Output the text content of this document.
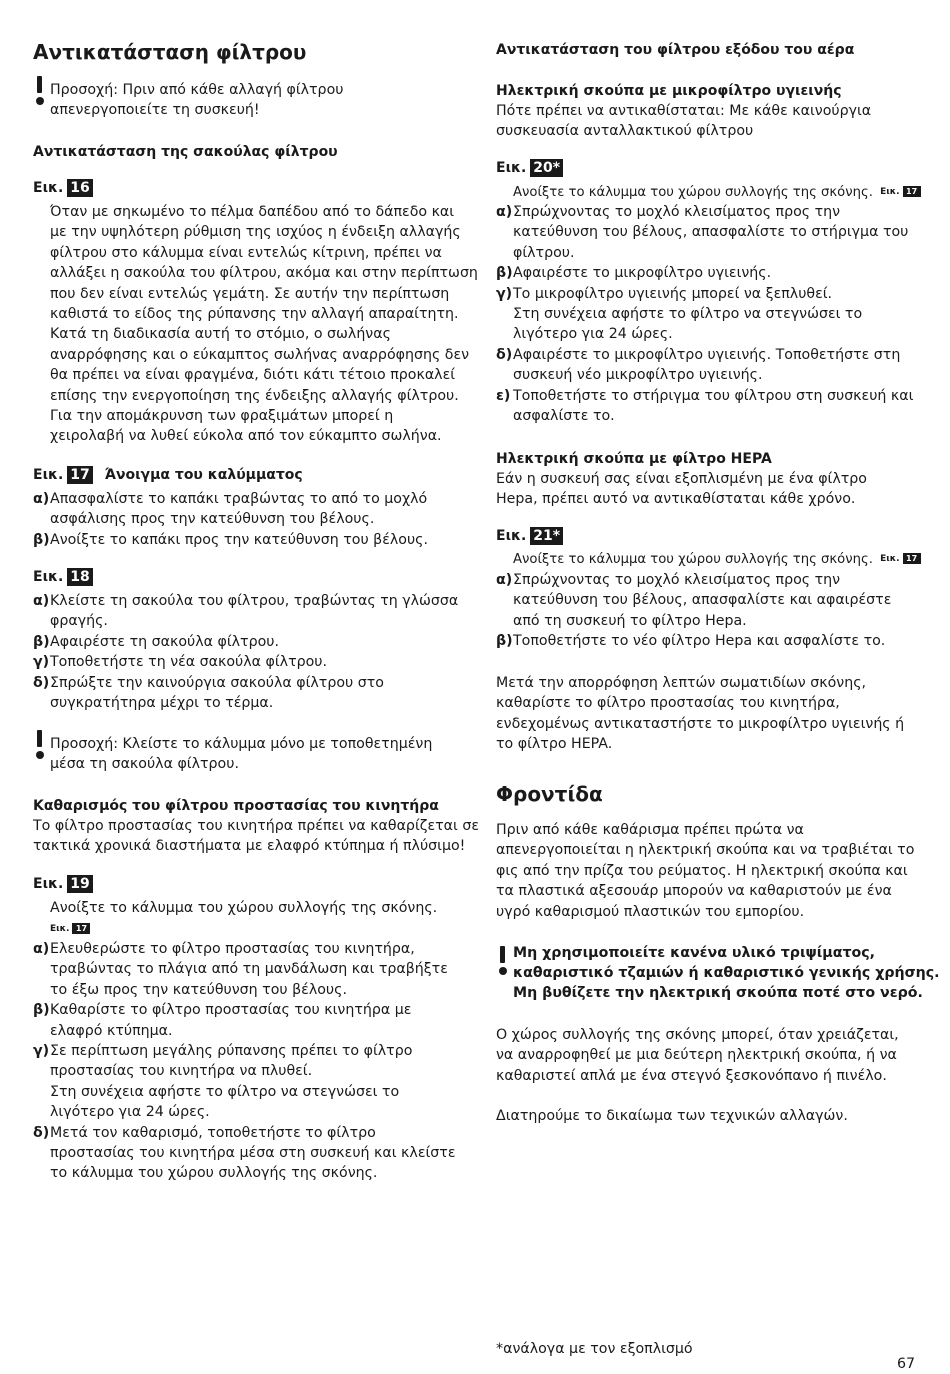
Αντικατάσταση φίλτρου
Προσοχή: Πριν από κάθε αλλαγή φίλτρου
απενεργοποιείτε τη συσκευή!
Αντικατάσταση της σακούλας φίλτρου
Εικ. 16
Όταν με σηκωμένο το πέλμα δαπέδου από το δάπεδο και
με την υψηλότερη ρύθμιση της ισχύος η ένδειξη αλλαγής
φίλτρου στο κάλυμμα είναι εντελώς κίτρινη, πρέπει να
αλλάξει η σακούλα του φίλτρου, ακόμα και στην περίπτωση
που δεν είναι εντελώς γεμάτη. Σε αυτήν την περίπτωση
καθιστά το είδος της ρύπανσης την αλλαγή απαραίτητη.
Κατά τη διαδικασία αυτή το στόμιο, ο σωλήνας
αναρρόφησης και ο εύκαμπτος σωλήνας αναρρόφησης δεν
θα πρέπει να είναι φραγμένα, διότι κάτι τέτοιο προκαλεί
επίσης την ενεργοποίηση της ένδειξης αλλαγής φίλτρου.
Για την απομάκρυνση των φραξιμάτων μπορεί η
χειρολαβή να λυθεί εύκολα από τον εύκαμπτο σωλήνα.
Εικ. 17 Άνοιγμα του καλύμματος
α) Απασφαλίστε το καπάκι τραβώντας το από το μοχλό
ασφάλισης προς την κατεύθυνση του βέλους.
β) Ανοίξτε το καπάκι προς την κατεύθυνση του βέλους.
Εικ. 18
α) Κλείστε τη σακούλα του φίλτρου, τραβώντας τη γλώσσα
φραγής.
β) Αφαιρέστε τη σακούλα φίλτρου.
γ) Τοποθετήστε τη νέα σακούλα φίλτρου.
δ) Σπρώξτε την καινούργια σακούλα φίλτρου στο
συγκρατήτηρα μέχρι το τέρμα.
Προσοχή: Κλείστε το κάλυμμα μόνο με τοποθετημένη
μέσα τη σακούλα φίλτρου.
Καθαρισμός του φίλτρου προστασίας του κινητήρα
Το φίλτρο προστασίας του κινητήρα πρέπει να καθαρίζεται σε
τακτικά χρονικά διαστήματα με ελαφρό κτύπημα ή πλύσιμο!
Εικ. 19
Ανοίξτε το κάλυμμα του χώρου συλλογής της σκόνης.
Εικ. 17
α) Ελευθερώστε το φίλτρο προστασίας του κινητήρα,
τραβώντας το πλάγια από τη μανδάλωση και τραβήξτε
το έξω προς την κατεύθυνση του βέλους.
β) Καθαρίστε το φίλτρο προστασίας του κινητήρα με
ελαφρό κτύπημα.
γ) Σε περίπτωση μεγάλης ρύπανσης πρέπει το φίλτρο
προστασίας του κινητήρα να πλυθεί.
Στη συνέχεια αφήστε το φίλτρο να στεγνώσει το
λιγότερο για 24 ώρες.
δ) Μετά τον καθαρισμό, τοποθετήστε το φίλτρο
προστασίας του κινητήρα μέσα στη συσκευή και κλείστε
το κάλυμμα του χώρου συλλογής της σκόνης.
Αντικατάσταση του φίλτρου εξόδου του αέρα
Ηλεκτρική σκούπα με μικροφίλτρο υγιεινής
Πότε πρέπει να αντικαθίσταται: Με κάθε καινούργια
συσκευασία ανταλλακτικού φίλτρου
Εικ. 20*
Ανοίξτε το κάλυμμα του χώρου συλλογής της σκόνης. Εικ. 17
α) Σπρώχνοντας το μοχλό κλεισίματος προς την
κατεύθυνση του βέλους, απασφαλίστε το στήριγμα του
φίλτρου.
β) Αφαιρέστε το μικροφίλτρο υγιεινής.
γ) Το μικροφίλτρο υγιεινής μπορεί να ξεπλυθεί.
Στη συνέχεια αφήστε το φίλτρο να στεγνώσει το
λιγότερο για 24 ώρες.
δ) Αφαιρέστε το μικροφίλτρο υγιεινής. Τοποθετήστε στη
συσκευή νέο μικροφίλτρο υγιεινής.
ε) Τοποθετήστε το στήριγμα του φίλτρου στη συσκευή και
ασφαλίστε το.
Ηλεκτρική σκούπα με φίλτρο HEPA
Εάν η συσκευή σας είναι εξοπλισμένη με ένα φίλτρο
Hepa, πρέπει αυτό να αντικαθίσταται κάθε χρόνο.
Εικ. 21*
Ανοίξτε το κάλυμμα του χώρου συλλογής της σκόνης. Εικ. 17
α) Σπρώχνοντας το μοχλό κλεισίματος προς την
κατεύθυνση του βέλους, απασφαλίστε και αφαιρέστε
από τη συσκευή το φίλτρο Hepa.
β) Τοποθετήστε το νέο φίλτρο Hepa και ασφαλίστε το.
Μετά την απορρόφηση λεπτών σωματιδίων σκόνης,
καθαρίστε το φίλτρο προστασίας του κινητήρα,
ενδεχομένως αντικαταστήστε το μικροφίλτρο υγιεινής ή
το φίλτρο HEPA.
Φροντίδα
Πριν από κάθε καθάρισμα πρέπει πρώτα να
απενεργοποιείται η ηλεκτρική σκούπα και να τραβιέται το
φις από την πρίζα του ρεύματος. Η ηλεκτρική σκούπα και
τα πλαστικά αξεσουάρ μπορούν να καθαριστούν με ένα
υγρό καθαρισμού πλαστικών του εμπορίου.
Μη χρησιμοποιείτε κανένα υλικό τριψίματος,
καθαριστικό τζαμιών ή καθαριστικό γενικής χρήσης.
Μη βυθίζετε την ηλεκτρική σκούπα ποτέ στο νερό.
Ο χώρος συλλογής της σκόνης μπορεί, όταν χρειάζεται,
να αναρροφηθεί με μια δεύτερη ηλεκτρική σκούπα, ή να
καθαριστεί απλά με ένα στεγνό ξεσκονόπανο ή πινέλο.
Διατηρούμε το δικαίωμα των τεχνικών αλλαγών.
*ανάλογα με τον εξοπλισμό
67
